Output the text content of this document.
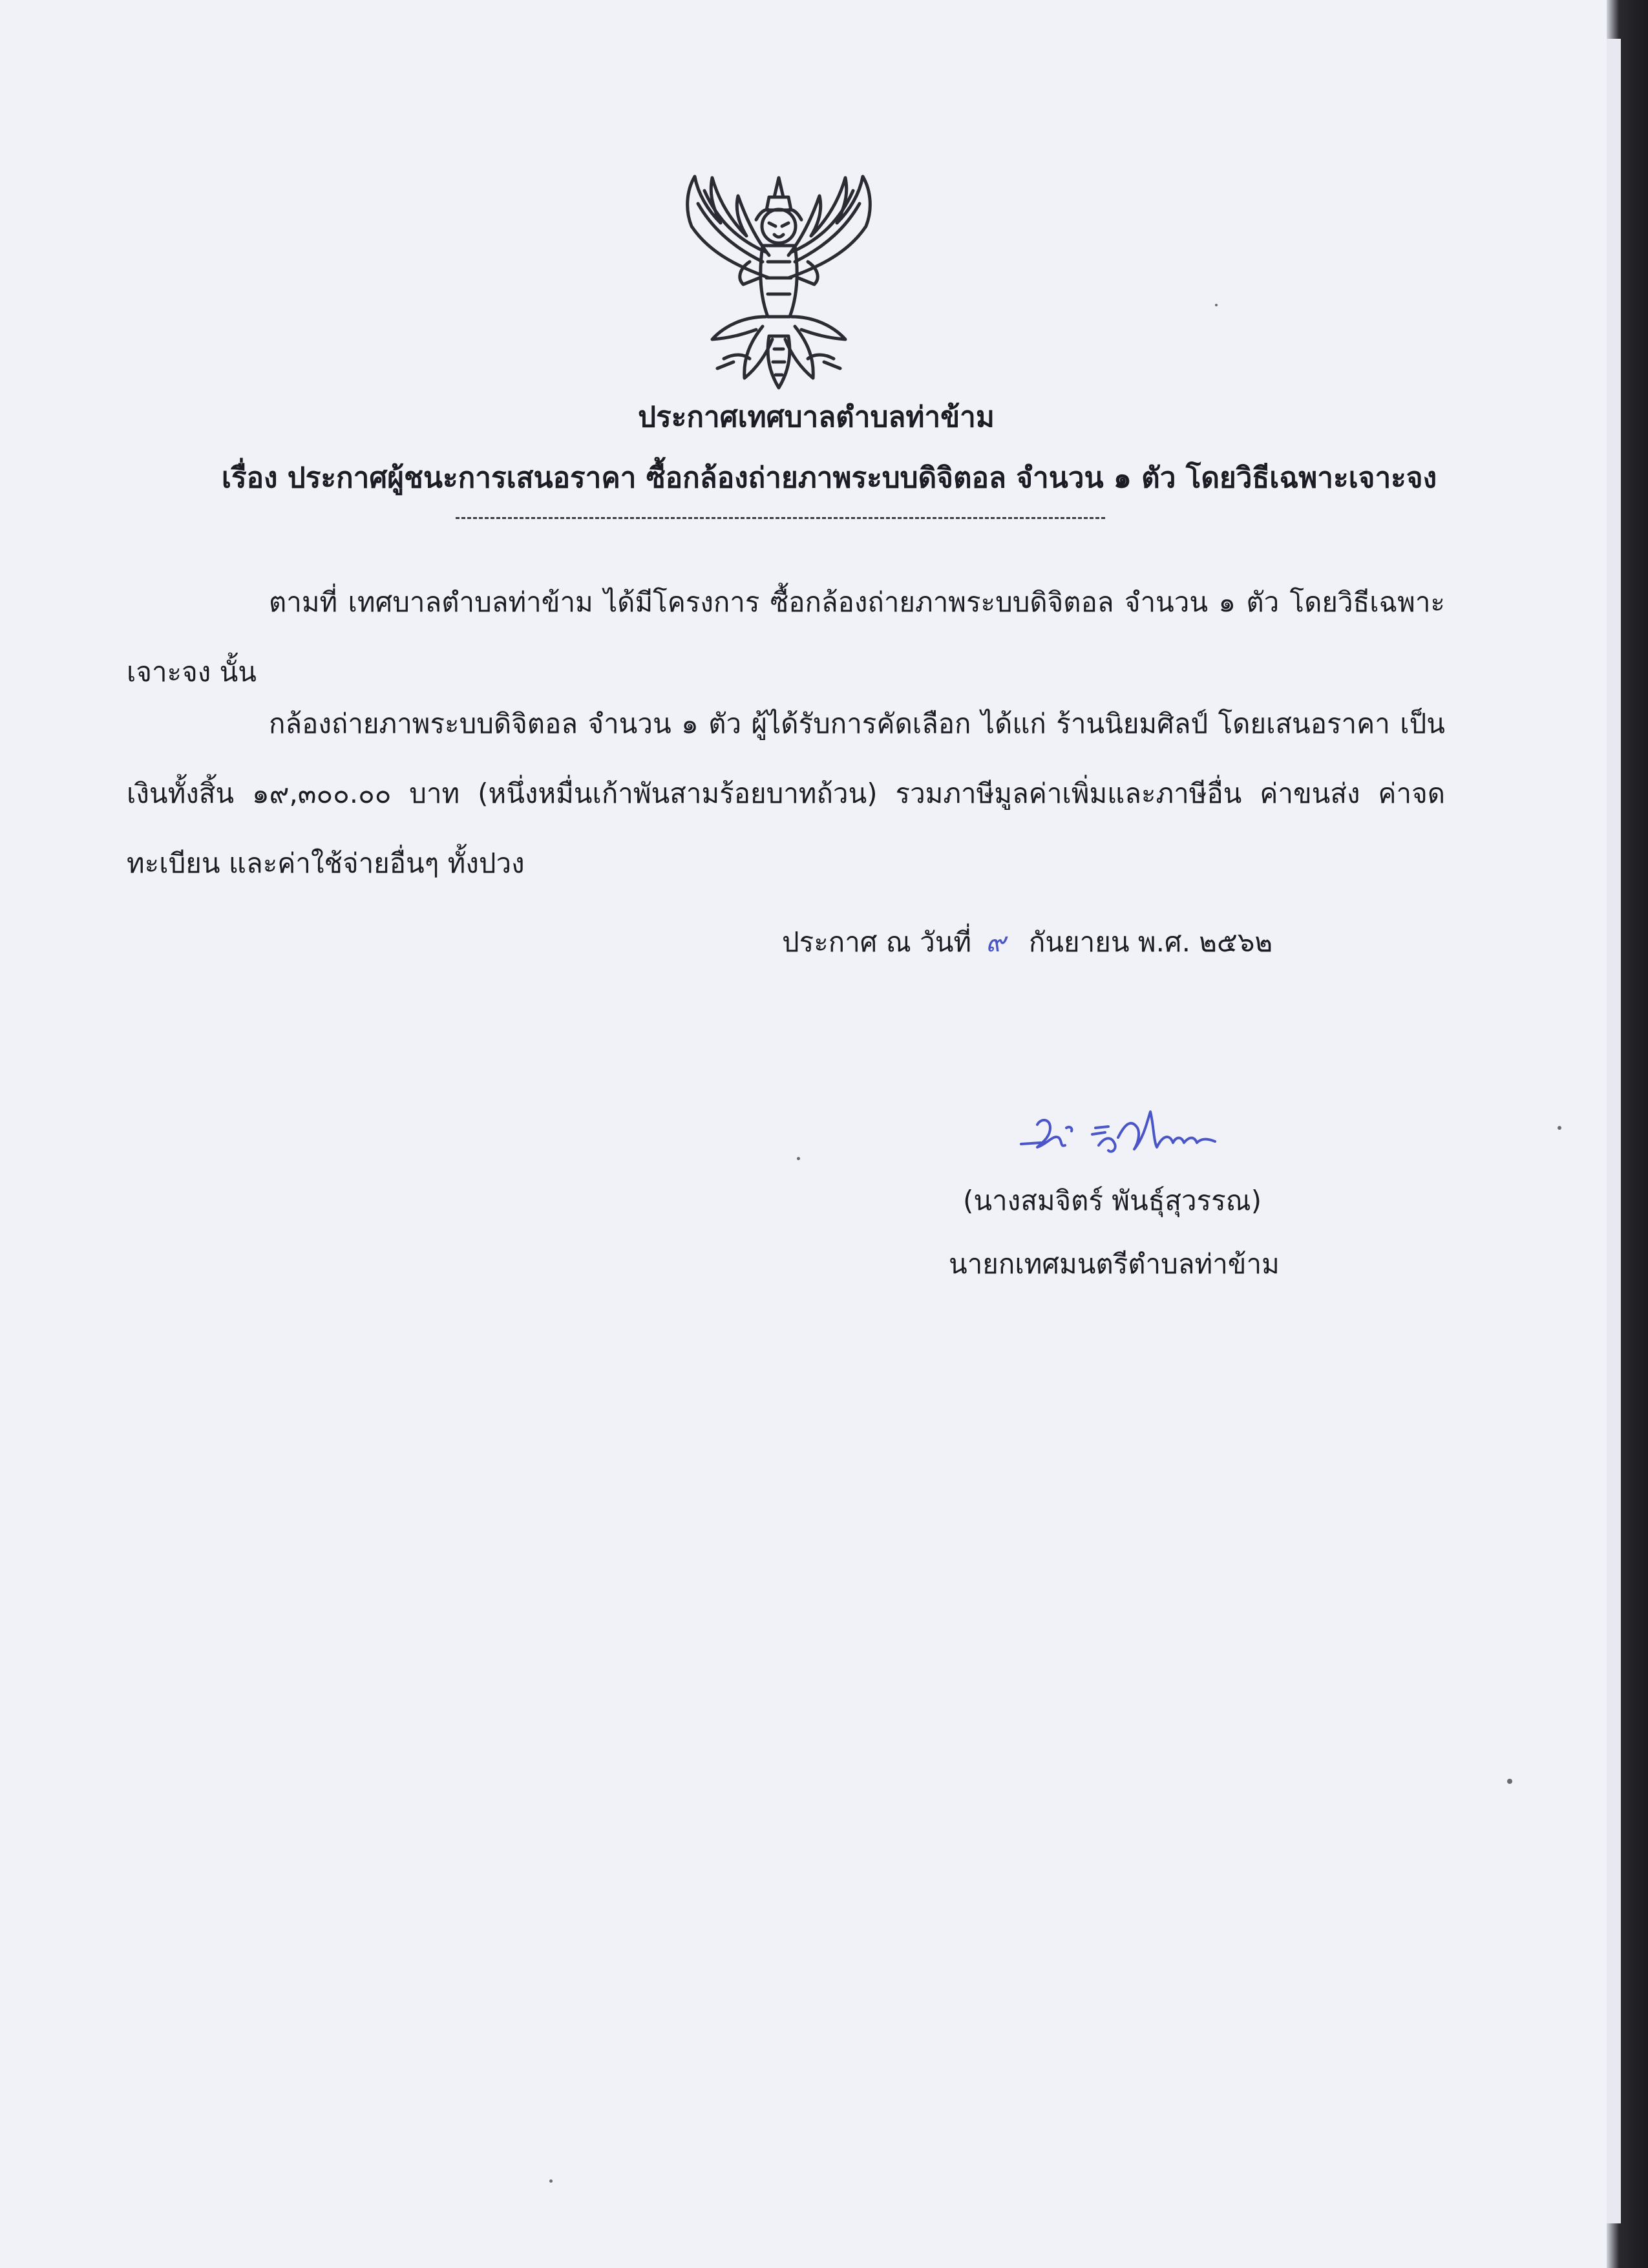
ประกาศเทศบาลตำบลท่าข้าม
เรื่อง ประกาศผู้ชนะการเสนอราคา ซื้อกล้องถ่ายภาพระบบดิจิตอล จำนวน ๑ ตัว โดยวิธีเฉพาะเจาะจง
ตามที่ เทศบาลตำบลท่าข้าม ได้มีโครงการ ซื้อกล้องถ่ายภาพระบบดิจิตอล จำนวน ๑ ตัว โดยวิธีเฉพาะเจาะจง นั้น
กล้องถ่ายภาพระบบดิจิตอล จำนวน ๑ ตัว ผู้ได้รับการคัดเลือก ได้แก่ ร้านนิยมศิลป์ โดยเสนอราคา เป็นเงินทั้งสิ้น ๑๙,๓๐๐.๐๐ บาท (หนึ่งหมื่นเก้าพันสามร้อยบาทถ้วน) รวมภาษีมูลค่าเพิ่มและภาษีอื่น ค่าขนส่ง ค่าจดทะเบียน และค่าใช้จ่ายอื่นๆ ทั้งปวง
ประกาศ ณ วันที่ ๙ กันยายน พ.ศ. ๒๕๖๒
(นางสมจิตร์ พันธุ์สุวรรณ)
นายกเทศมนตรีตำบลท่าข้าม
